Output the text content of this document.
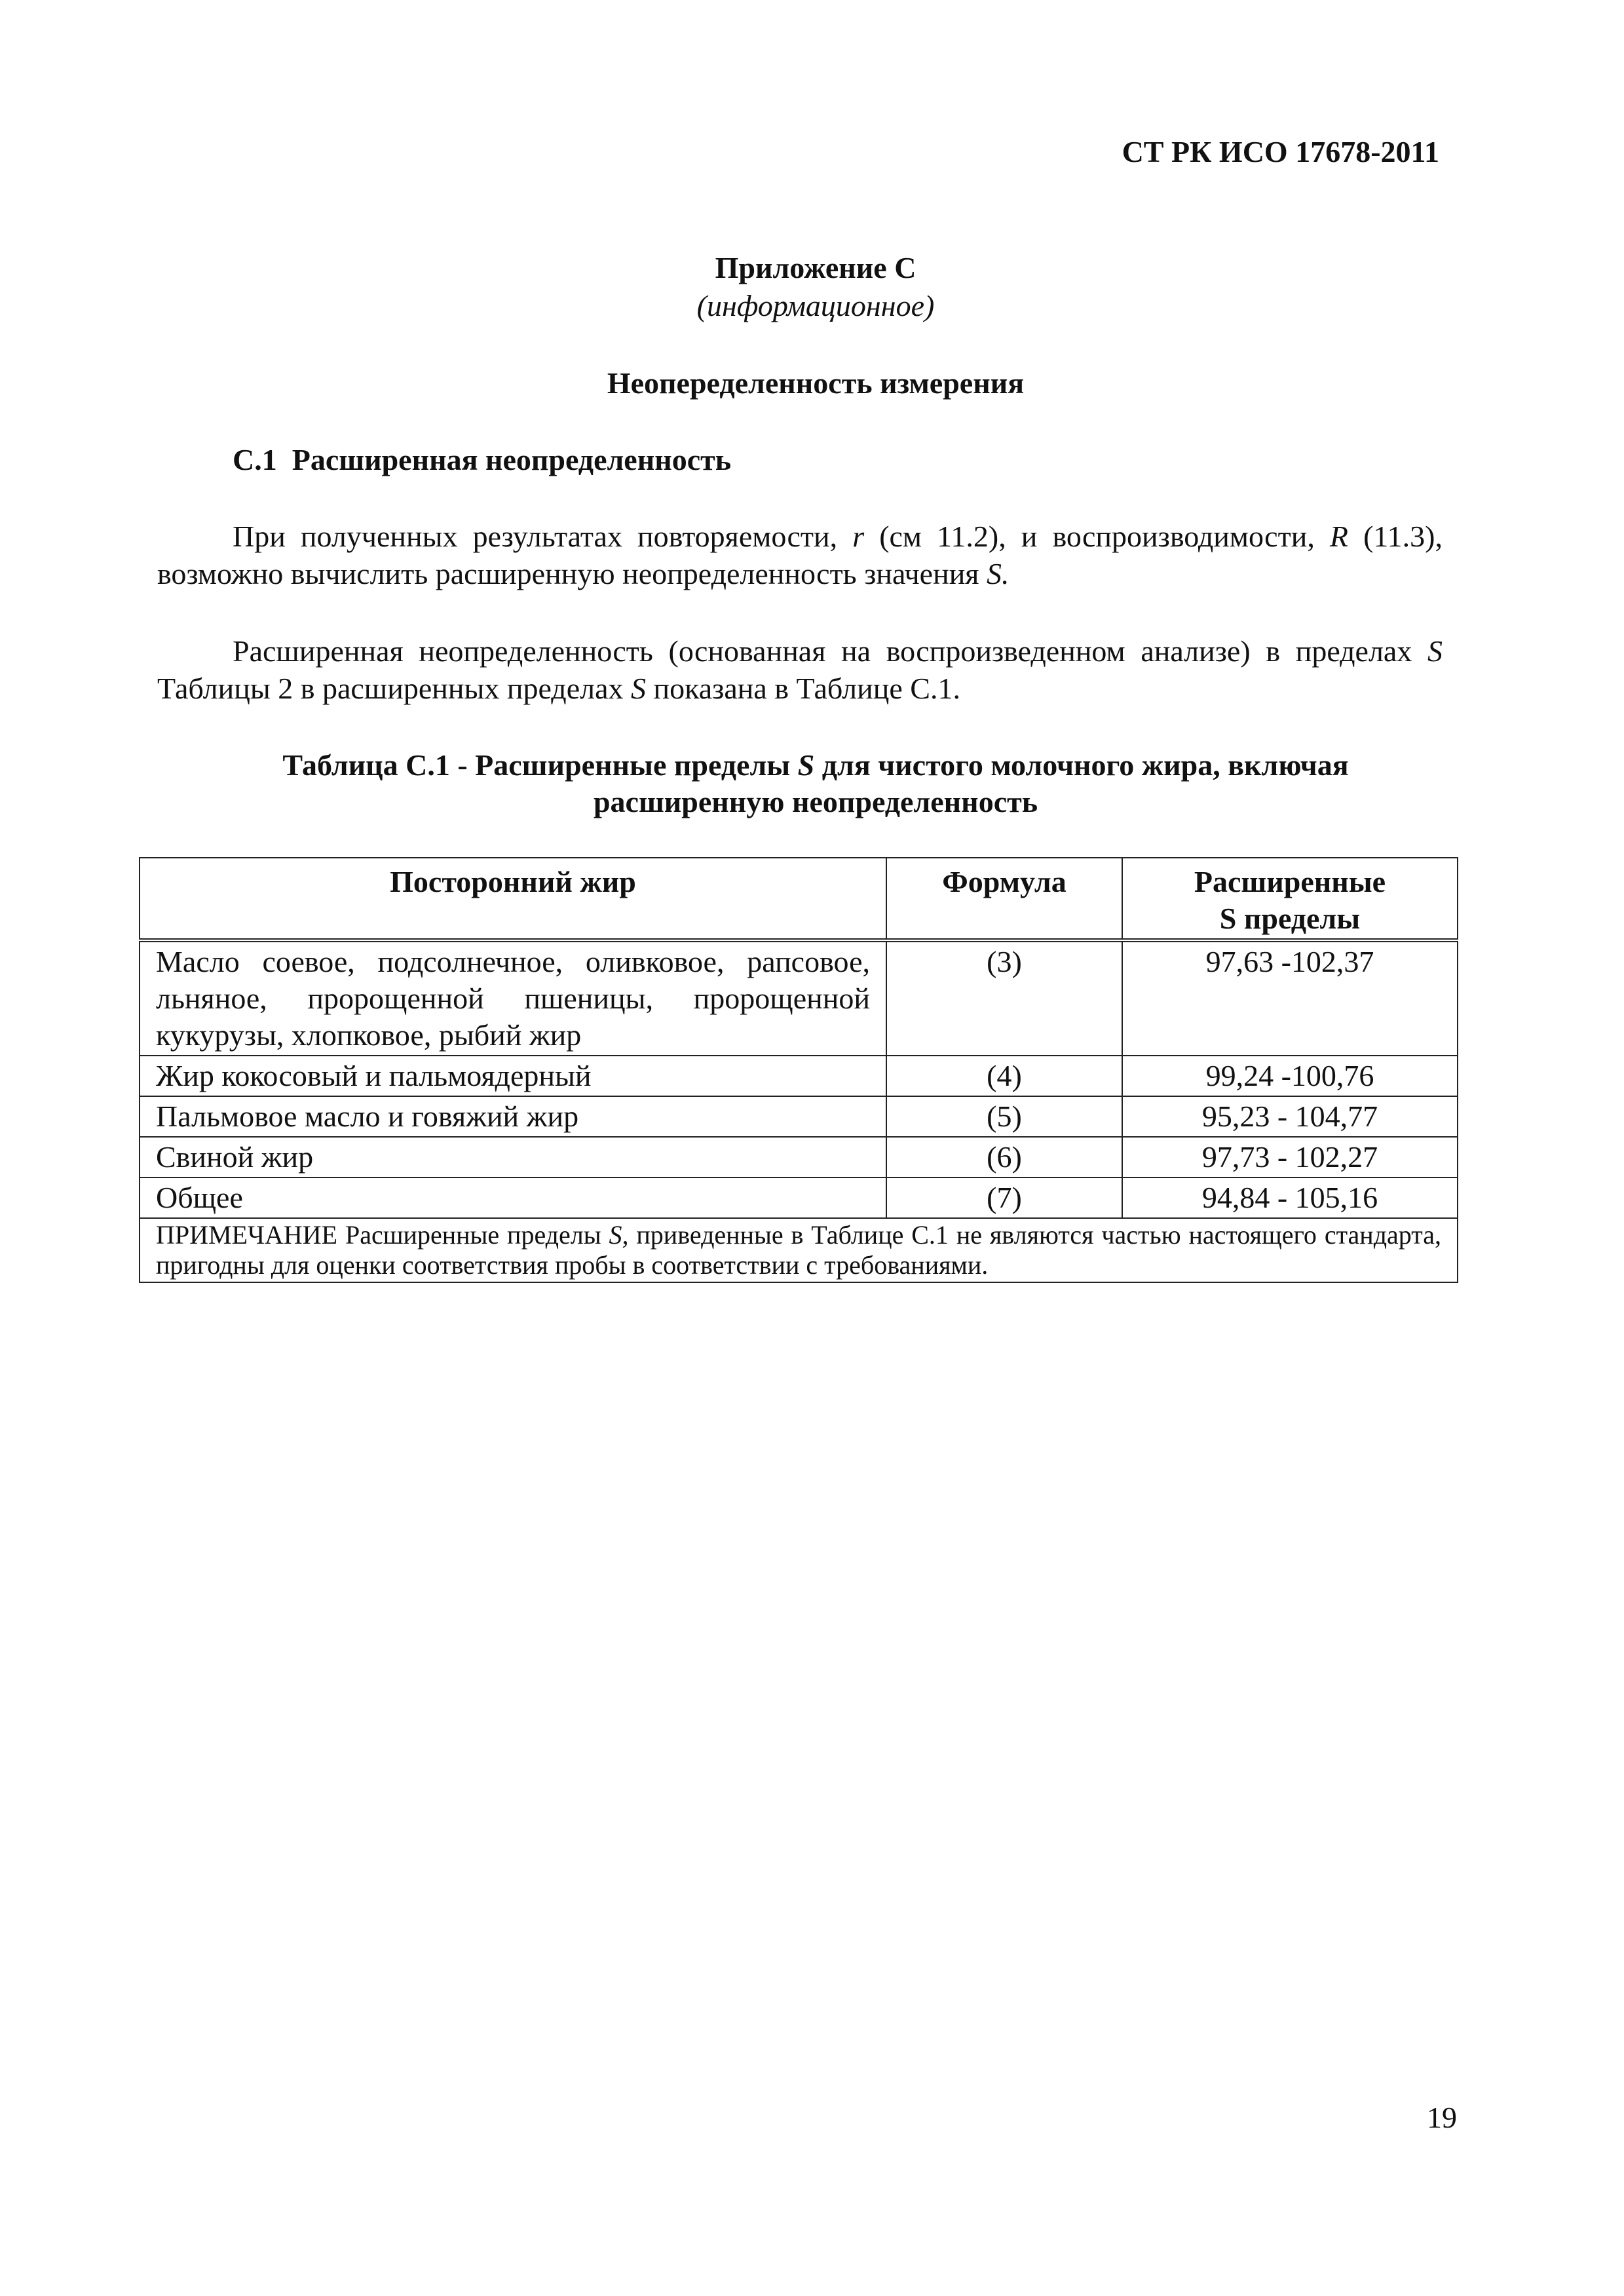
СТ РК ИСО 17678-2011
Приложение С
(информационное)
Неопеределенность измерения
С.1 Расширенная неопределенность
При полученных результатах повторяемости, r (см 11.2), и воспроизводимости, R (11.3), возможно вычислить расширенную неопределенность значения S.
Расширенная неопределенность (основанная на воспроизведенном анализе) в пределах S Таблицы 2 в расширенных пределах S показана в Таблице С.1.
Таблица С.1 - Расширенные пределы S для чистого молочного жира, включая
расширенную неопределенность
Посторонний жир	Формула	Расширенные
S пределы
Масло соевое, подсолнечное, оливковое, рапсовое, льняное, пророщенной пшеницы, пророщенной кукурузы, хлопковое, рыбий жир	(3)	97,63 -102,37
Жир кокосовый и пальмоядерный	(4)	99,24 -100,76
Пальмовое масло и говяжий жир	(5)	95,23 - 104,77
Свиной жир	(6)	97,73 - 102,27
Общее	(7)	94,84 - 105,16
ПРИМЕЧАНИЕ Расширенные пределы S, приведенные в Таблице С.1 не являются частью настоящего стандарта, пригодны для оценки соответствия пробы в соответствии с требованиями.		
19
